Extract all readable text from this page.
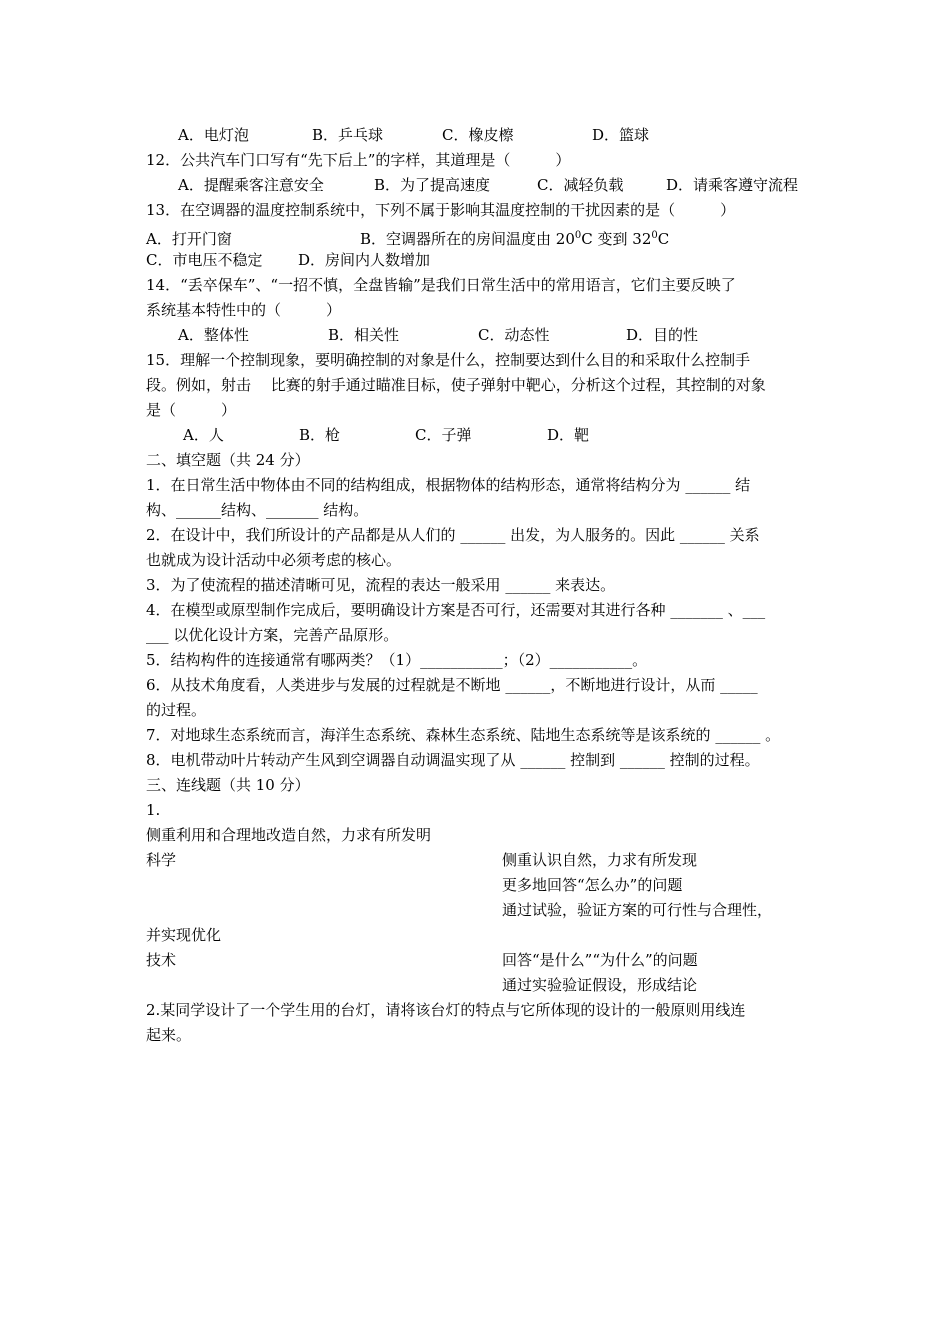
A．电灯泡	B．乒乓球	C．橡皮檫	D．篮球
12．公共汽车门口写有“先下后上”的字样，其道理是（　　　）
A．提醒乘客注意安全	B．为了提高速度	C．减轻负载	D．请乘客遵守流程
13．在空调器的温度控制系统中，下列不属于影响其温度控制的干扰因素的是（　　　）
A．打开门窗	B．空调器所在的房间温度由 $20^0C$ 变到 $32^0C$
C．市电压不稳定 D．房间内人数增加
14．“丢卒保车”、“一招不慎，全盘皆输”是我们日常生活中的常用语言，它们主要反映了
系统基本特性中的（　　　）
A．整体性	B．相关性	C．动态性	D．目的性
15．理解一个控制现象，要明确控制的对象是什么，控制要达到什么目的和采取什么控制手
段。例如，射击　 比赛的射手通过瞄准目标，使子弹射中靶心，分析这个过程，其控制的对象
是（　　　）
A．人	B．枪	C．子弹	D．靶
二、填空题（共 24 分）
1．在日常生活中物体由不同的结构组成，根据物体的结构形态，通常将结构分为 ______ 结
构、______结构、_______ 结构。
2．在设计中，我们所设计的产品都是从人们的 ______ 出发，为人服务的。因此 ______ 关系
也就成为设计活动中必须考虑的核心。
3．为了使流程的描述清晰可见，流程的表达一般采用 ______ 来表达。
4．在模型或原型制作完成后，要明确设计方案是否可行，还需要对其进行各种 _______ 、___
___ 以优化设计方案，完善产品原形。
5．结构构件的连接通常有哪两类？（1）___________；（2）___________。
6．从技术角度看，人类进步与发展的过程就是不断地 ______，不断地进行设计，从而 _____
的过程。
7．对地球生态系统而言，海洋生态系统、森林生态系统、陆地生态系统等是该系统的 ______ 。
8．电机带动叶片转动产生风到空调器自动调温实现了从 ______ 控制到 ______ 控制的过程。
三、连线题（共 10 分）
1.
侧重利用和合理地改造自然，力求有所发明
科学	侧重认识自然，力求有所发现
更多地回答“怎么办”的问题
通过试验，验证方案的可行性与合理性，
并实现优化
技术	回答“是什么”“为什么”的问题
通过实验验证假设，形成结论
2.某同学设计了一个学生用的台灯，请将该台灯的特点与它所体现的设计的一般原则用线连
起来。
